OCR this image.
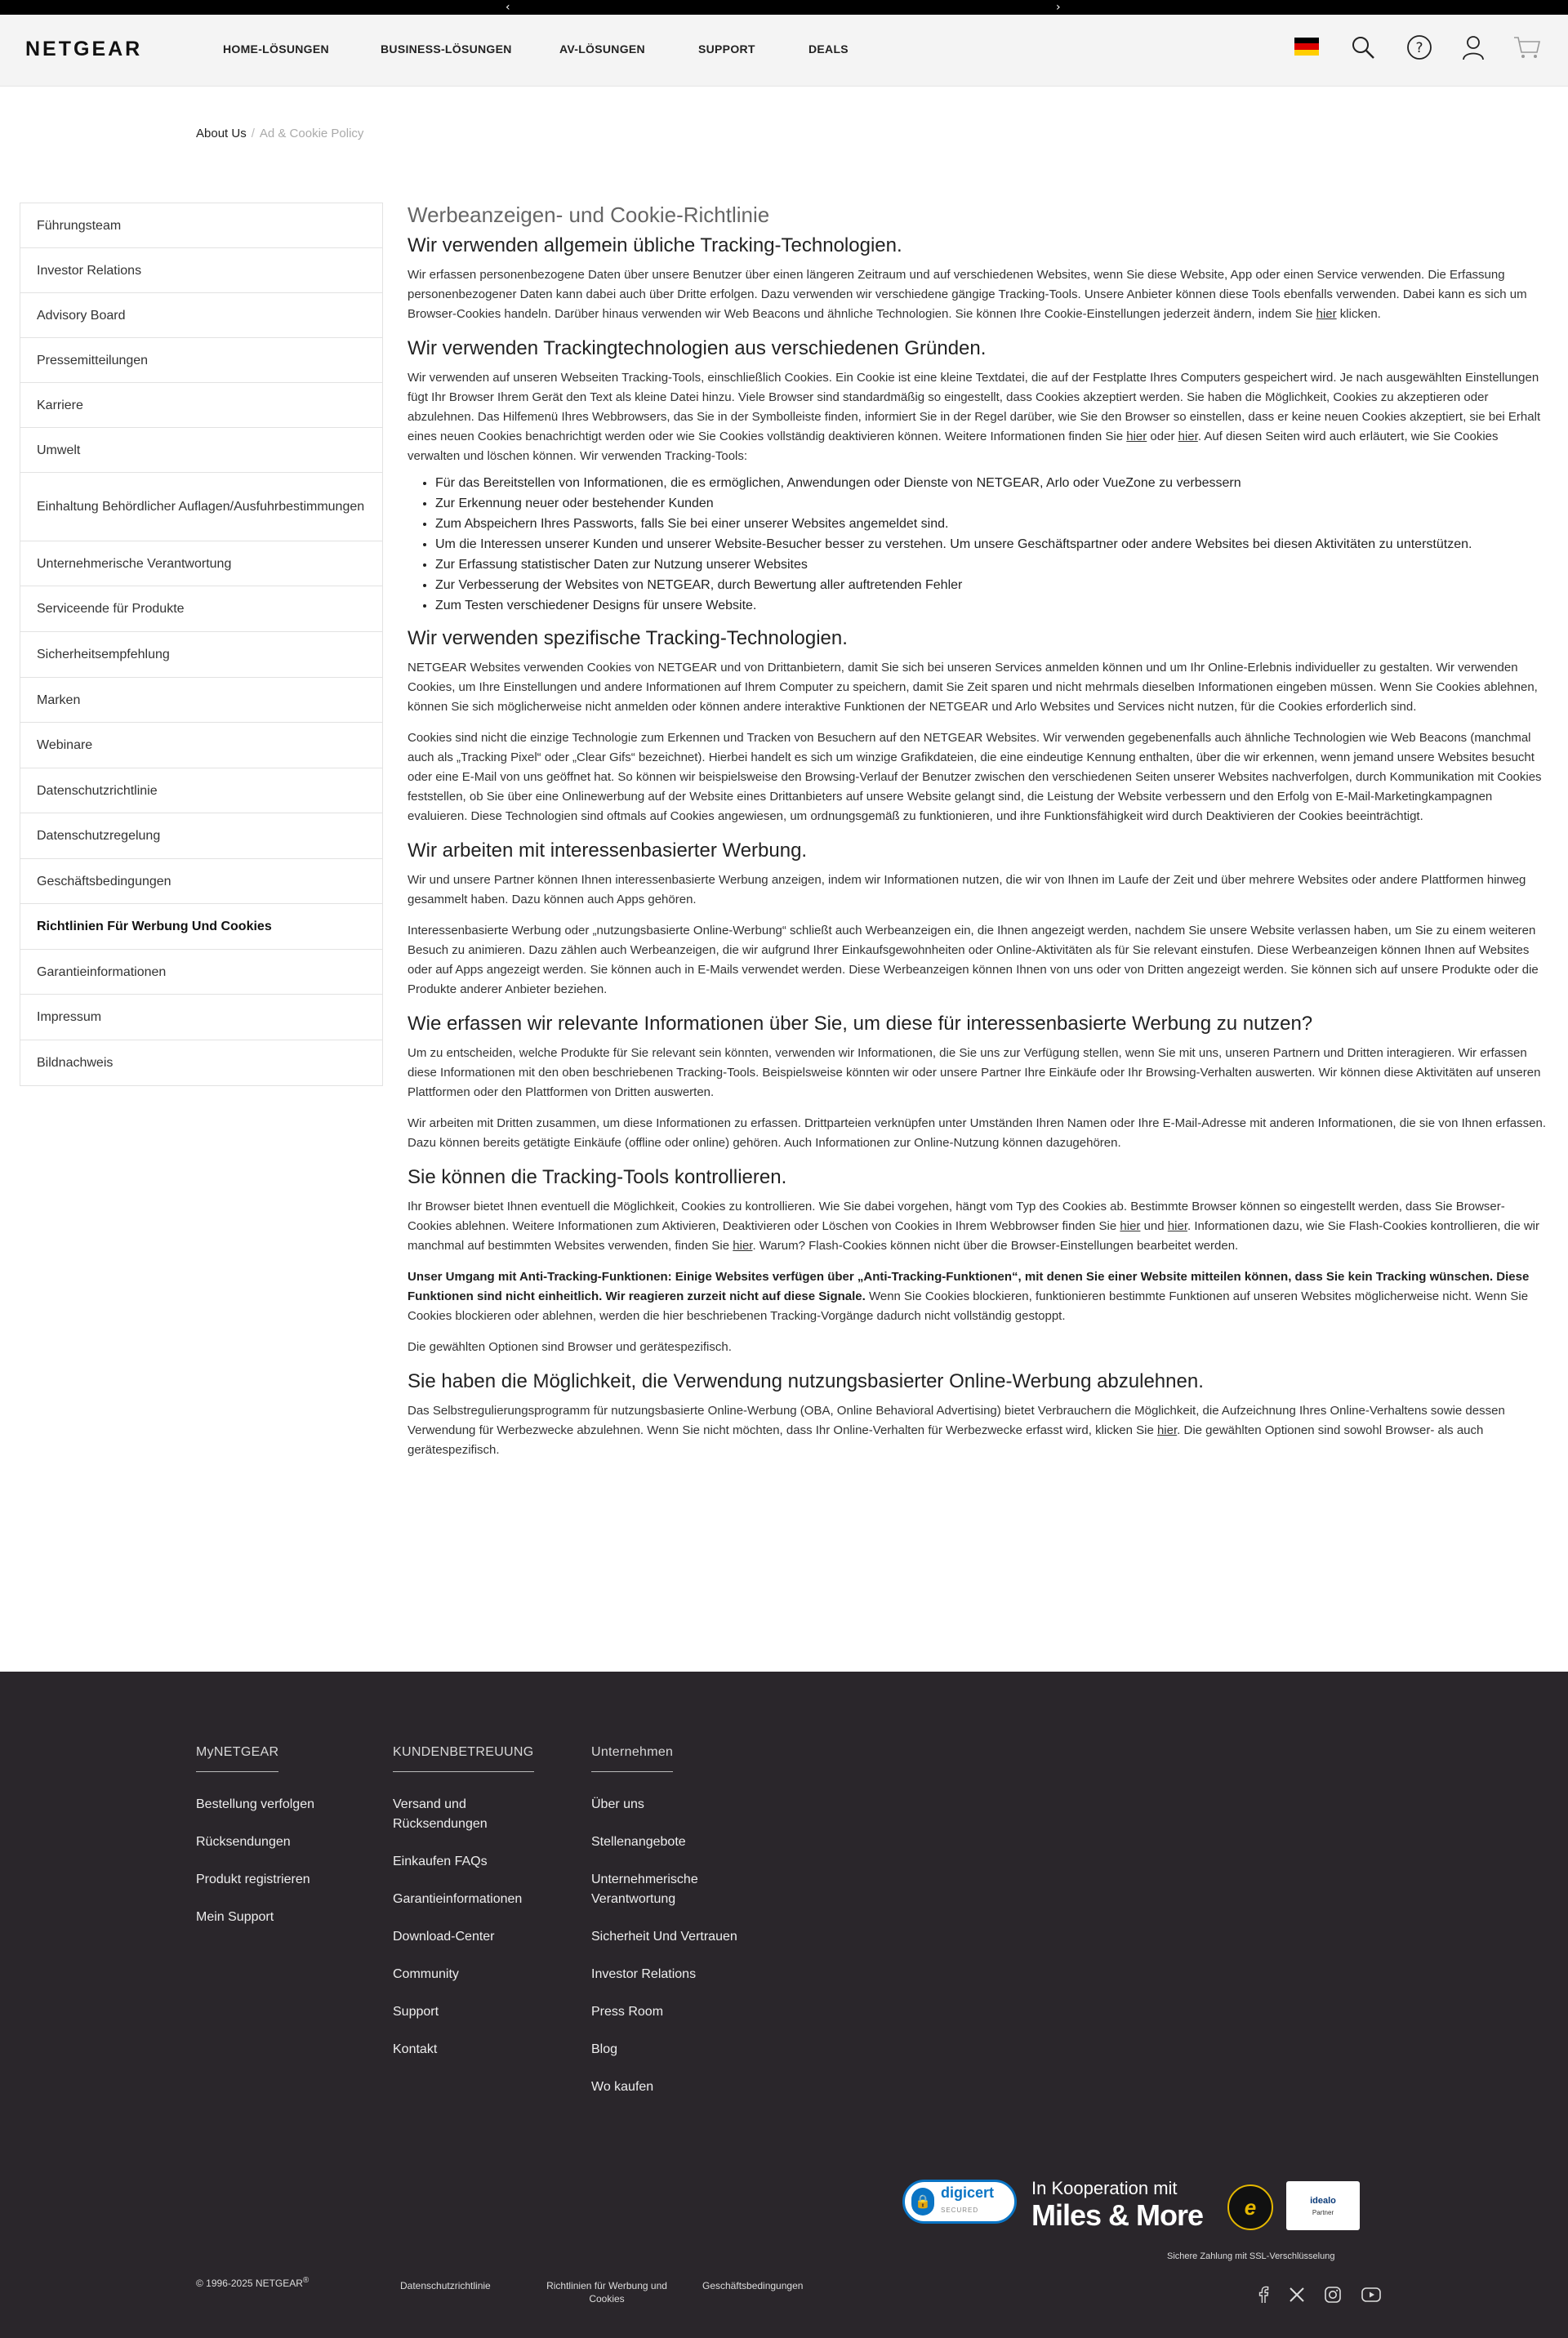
‹	›
NETGEAR	HOME-LÖSUNGEN	BUSINESS-LÖSUNGEN	AV-LÖSUNGEN	SUPPORT	DEALS	?
About Us / Ad & Cookie Policy
Führungsteam
Investor Relations
Advisory Board
Pressemitteilungen
Karriere
Umwelt
Einhaltung Behördlicher Auflagen/Ausfuhrbestimmungen
Unternehmerische Verantwortung
Serviceende für Produkte
Sicherheitsempfehlung
Marken
Webinare
Datenschutzrichtlinie
Datenschutzregelung
Geschäftsbedingungen
Richtlinien Für Werbung Und Cookies
Garantieinformationen
Impressum
Bildnachweis
Werbeanzeigen- und Cookie-Richtlinie
Wir verwenden allgemein übliche Tracking-Technologien.

Wir erfassen personenbezogene Daten über unsere Benutzer über einen längeren Zeitraum und auf verschiedenen Websites, wenn Sie diese Website, App oder einen Service verwenden. Die Erfassung personenbezogener Daten kann dabei auch über Dritte erfolgen. Dazu verwenden wir verschiedene gängige Tracking-Tools. Unsere Anbieter können diese Tools ebenfalls verwenden. Dabei kann es sich um Browser-Cookies handeln. Darüber hinaus verwenden wir Web Beacons und ähnliche Technologien. Sie können Ihre Cookie-Einstellungen jederzeit ändern, indem Sie hier klicken.

Wir verwenden Trackingtechnologien aus verschiedenen Gründen.

Wir verwenden auf unseren Webseiten Tracking-Tools, einschließlich Cookies. Ein Cookie ist eine kleine Textdatei, die auf der Festplatte Ihres Computers gespeichert wird. Je nach ausgewählten Einstellungen fügt Ihr Browser Ihrem Gerät den Text als kleine Datei hinzu. Viele Browser sind standardmäßig so eingestellt, dass Cookies akzeptiert werden. Sie haben die Möglichkeit, Cookies zu akzeptieren oder abzulehnen. Das Hilfemenü Ihres Webbrowsers, das Sie in der Symbolleiste finden, informiert Sie in der Regel darüber, wie Sie den Browser so einstellen, dass er keine neuen Cookies akzeptiert, sie bei Erhalt eines neuen Cookies benachrichtigt werden oder wie Sie Cookies vollständig deaktivieren können. Weitere Informationen finden Sie hier oder hier. Auf diesen Seiten wird auch erläutert, wie Sie Cookies verwalten und löschen können. Wir verwenden Tracking-Tools:

• Für das Bereitstellen von Informationen, die es ermöglichen, Anwendungen oder Dienste von NETGEAR, Arlo oder VueZone zu verbessern
• Zur Erkennung neuer oder bestehender Kunden
• Zum Abspeichern Ihres Passworts, falls Sie bei einer unserer Websites angemeldet sind.
• Um die Interessen unserer Kunden und unserer Website-Besucher besser zu verstehen. Um unsere Geschäftspartner oder andere Websites bei diesen Aktivitäten zu unterstützen.
• Zur Erfassung statistischer Daten zur Nutzung unserer Websites
• Zur Verbesserung der Websites von NETGEAR, durch Bewertung aller auftretenden Fehler
• Zum Testen verschiedener Designs für unsere Website.
Wir verwenden spezifische Tracking-Technologien.

NETGEAR Websites verwenden Cookies von NETGEAR und von Drittanbietern, damit Sie sich bei unseren Services anmelden können und um Ihr Online-Erlebnis individueller zu gestalten. Wir verwenden Cookies, um Ihre Einstellungen und andere Informationen auf Ihrem Computer zu speichern, damit Sie Zeit sparen und nicht mehrmals dieselben Informationen eingeben müssen. Wenn Sie Cookies ablehnen, können Sie sich möglicherweise nicht anmelden oder können andere interaktive Funktionen der NETGEAR und Arlo Websites und Services nicht nutzen, für die Cookies erforderlich sind.

Cookies sind nicht die einzige Technologie zum Erkennen und Tracken von Besuchern auf den NETGEAR Websites. Wir verwenden gegebenenfalls auch ähnliche Technologien wie Web Beacons (manchmal auch als „Tracking Pixel“ oder „Clear Gifs“ bezeichnet). Hierbei handelt es sich um winzige Grafikdateien, die eine eindeutige Kennung enthalten, über die wir erkennen, wenn jemand unsere Websites besucht oder eine E-Mail von uns geöffnet hat. So können wir beispielsweise den Browsing-Verlauf der Benutzer zwischen den verschiedenen Seiten unserer Websites nachverfolgen, durch Kommunikation mit Cookies feststellen, ob Sie über eine Onlinewerbung auf der Website eines Drittanbieters auf unsere Website gelangt sind, die Leistung der Website verbessern und den Erfolg von E-Mail-Marketingkampagnen evaluieren. Diese Technologien sind oftmals auf Cookies angewiesen, um ordnungsgemäß zu funktionieren, und ihre Funktionsfähigkeit wird durch Deaktivieren der Cookies beeinträchtigt.

Wir arbeiten mit interessenbasierter Werbung.

Wir und unsere Partner können Ihnen interessenbasierte Werbung anzeigen, indem wir Informationen nutzen, die wir von Ihnen im Laufe der Zeit und über mehrere Websites oder andere Plattformen hinweg gesammelt haben. Dazu können auch Apps gehören.

Interessenbasierte Werbung oder „nutzungsbasierte Online-Werbung“ schließt auch Werbeanzeigen ein, die Ihnen angezeigt werden, nachdem Sie unsere Website verlassen haben, um Sie zu einem weiteren Besuch zu animieren. Dazu zählen auch Werbeanzeigen, die wir aufgrund Ihrer Einkaufsgewohnheiten oder Online-Aktivitäten als für Sie relevant einstufen. Diese Werbeanzeigen können Ihnen auf Websites oder auf Apps angezeigt werden. Sie können auch in E-Mails verwendet werden. Diese Werbeanzeigen können Ihnen von uns oder von Dritten angezeigt werden. Sie können sich auf unsere Produkte oder die Produkte anderer Anbieter beziehen.

Wie erfassen wir relevante Informationen über Sie, um diese für interessenbasierte Werbung zu nutzen?

Um zu entscheiden, welche Produkte für Sie relevant sein könnten, verwenden wir Informationen, die Sie uns zur Verfügung stellen, wenn Sie mit uns, unseren Partnern und Dritten interagieren. Wir erfassen diese Informationen mit den oben beschriebenen Tracking-Tools. Beispielsweise könnten wir oder unsere Partner Ihre Einkäufe oder Ihr Browsing-Verhalten auswerten. Wir können diese Aktivitäten auf unseren Plattformen oder den Plattformen von Dritten auswerten.

Wir arbeiten mit Dritten zusammen, um diese Informationen zu erfassen. Drittparteien verknüpfen unter Umständen Ihren Namen oder Ihre E-Mail-Adresse mit anderen Informationen, die sie von Ihnen erfassen. Dazu können bereits getätigte Einkäufe (offline oder online) gehören. Auch Informationen zur Online-Nutzung können dazugehören.

Sie können die Tracking-Tools kontrollieren.

Ihr Browser bietet Ihnen eventuell die Möglichkeit, Cookies zu kontrollieren. Wie Sie dabei vorgehen, hängt vom Typ des Cookies ab. Bestimmte Browser können so eingestellt werden, dass Sie Browser-Cookies ablehnen. Weitere Informationen zum Aktivieren, Deaktivieren oder Löschen von Cookies in Ihrem Webbrowser finden Sie hier und hier. Informationen dazu, wie Sie Flash-Cookies kontrollieren, die wir manchmal auf bestimmten Websites verwenden, finden Sie hier. Warum? Flash-Cookies können nicht über die Browser-Einstellungen bearbeitet werden.

Unser Umgang mit Anti-Tracking-Funktionen: Einige Websites verfügen über „Anti-Tracking-Funktionen“, mit denen Sie einer Website mitteilen können, dass Sie kein Tracking wünschen. Diese Funktionen sind nicht einheitlich. Wir reagieren zurzeit nicht auf diese Signale. Wenn Sie Cookies blockieren, funktionieren bestimmte Funktionen auf unseren Websites möglicherweise nicht. Wenn Sie Cookies blockieren oder ablehnen, werden die hier beschriebenen Tracking-Vorgänge dadurch nicht vollständig gestoppt.

Die gewählten Optionen sind Browser und gerätespezifisch.

Sie haben die Möglichkeit, die Verwendung nutzungsbasierter Online-Werbung abzulehnen.

Das Selbstregulierungsprogramm für nutzungsbasierte Online-Werbung (OBA, Online Behavioral Advertising) bietet Verbrauchern die Möglichkeit, die Aufzeichnung Ihres Online-Verhaltens sowie dessen Verwendung für Werbezwecke abzulehnen. Wenn Sie nicht möchten, dass Ihr Online-Verhalten für Werbezwecke erfasst wird, klicken Sie hier. Die gewählten Optionen sind sowohl Browser- als auch gerätespezifisch.

MyNETGEAR
Bestellung verfolgen
Rücksendungen
Produkt registrieren
Mein Support
KUNDENBETREUUNG
Versand und Rücksendungen
Einkaufen FAQs
Garantieinformationen
Download-Center
Community
Support
Kontakt
Unternehmen
Über uns
Stellenangebote
Unternehmerische Verantwortung
Sicherheit Und Vertrauen
Investor Relations
Press Room
Blog
Wo kaufen
🔒
digicert
SECURED
In Kooperation mit
Miles & More	e	idealo
Partner
Sichere Zahlung mit SSL-Verschlüsselung
© 1996-2025 NETGEAR®	Datenschutzrichtlinie	Richtlinien für Werbung und Cookies
Geschäftsbedingungen
